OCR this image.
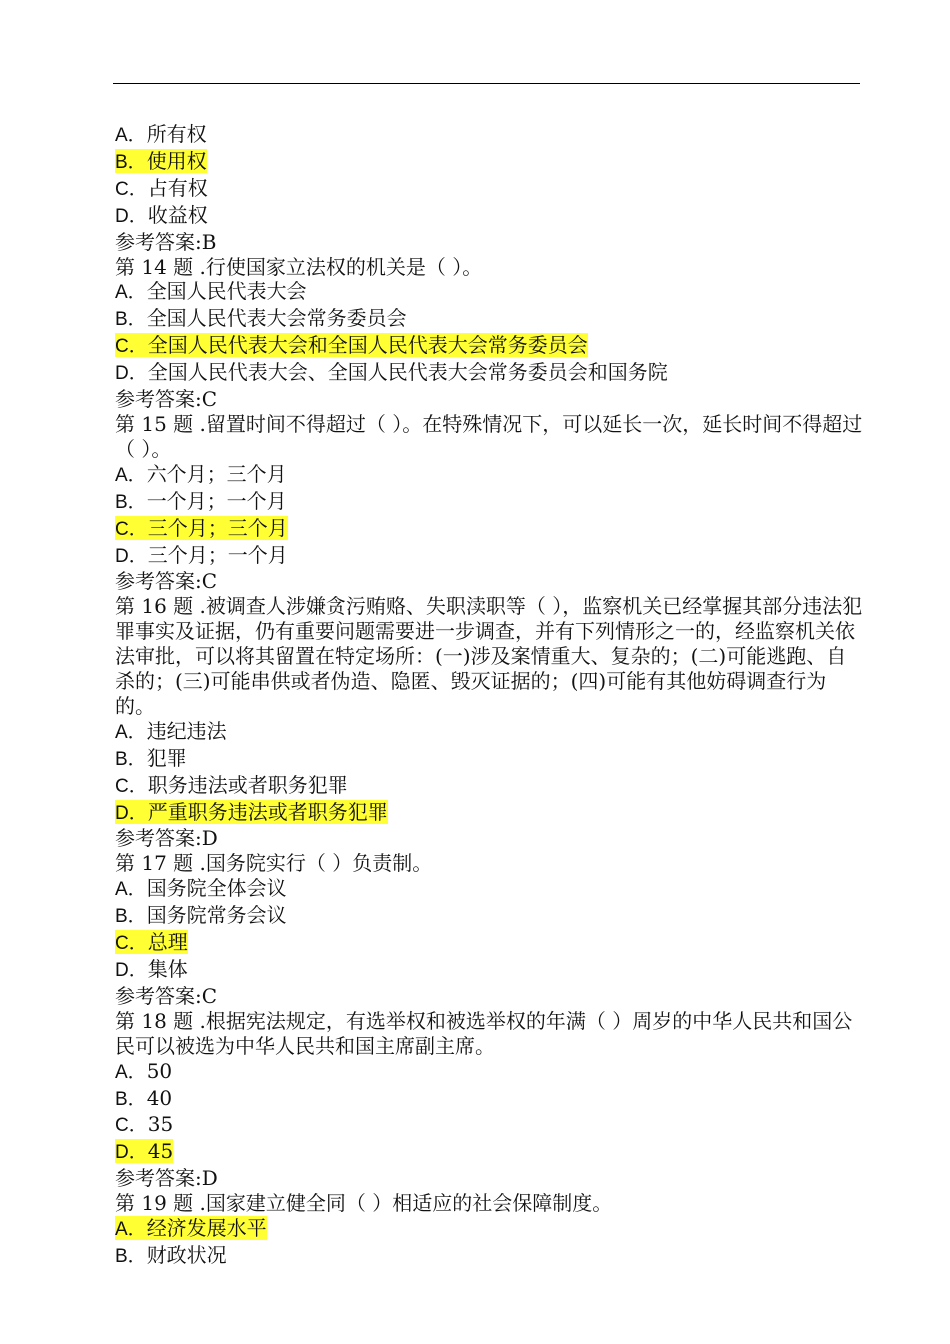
A．所有权
B．使用权
C．占有权
D．收益权
参考答案:B
第 14 题 .行使国家立法权的机关是（ ）。
A．全国人民代表大会
B．全国人民代表大会常务委员会
C．全国人民代表大会和全国人民代表大会常务委员会
D．全国人民代表大会、全国人民代表大会常务委员会和国务院
参考答案:C
第 15 题 .留置时间不得超过（ ）。在特殊情况下，可以延长一次，延长时间不得超过（ ）。
A．六个月；三个月
B．一个月；一个月
C．三个月；三个月
D．三个月；一个月
参考答案:C
第 16 题 .被调查人涉嫌贪污贿赂、失职渎职等（ ），监察机关已经掌握其部分违法犯罪事实及证据，仍有重要问题需要进一步调查，并有下列情形之一的，经监察机关依法审批，可以将其留置在特定场所：(一)涉及案情重大、复杂的；(二)可能逃跑、自杀的；(三)可能串供或者伪造、隐匿、毁灭证据的；(四)可能有其他妨碍调查行为的。
A．违纪违法
B．犯罪
C．职务违法或者职务犯罪
D．严重职务违法或者职务犯罪
参考答案:D
第 17 题 .国务院实行（ ）负责制。
A．国务院全体会议
B．国务院常务会议
C．总理
D．集体
参考答案:C
第 18 题 .根据宪法规定，有选举权和被选举权的年满（ ）周岁的中华人民共和国公民可以被选为中华人民共和国主席副主席。
A．50
B．40
C．35
D．45
参考答案:D
第 19 题 .国家建立健全同（ ）相适应的社会保障制度。
A．经济发展水平
B．财政状况
